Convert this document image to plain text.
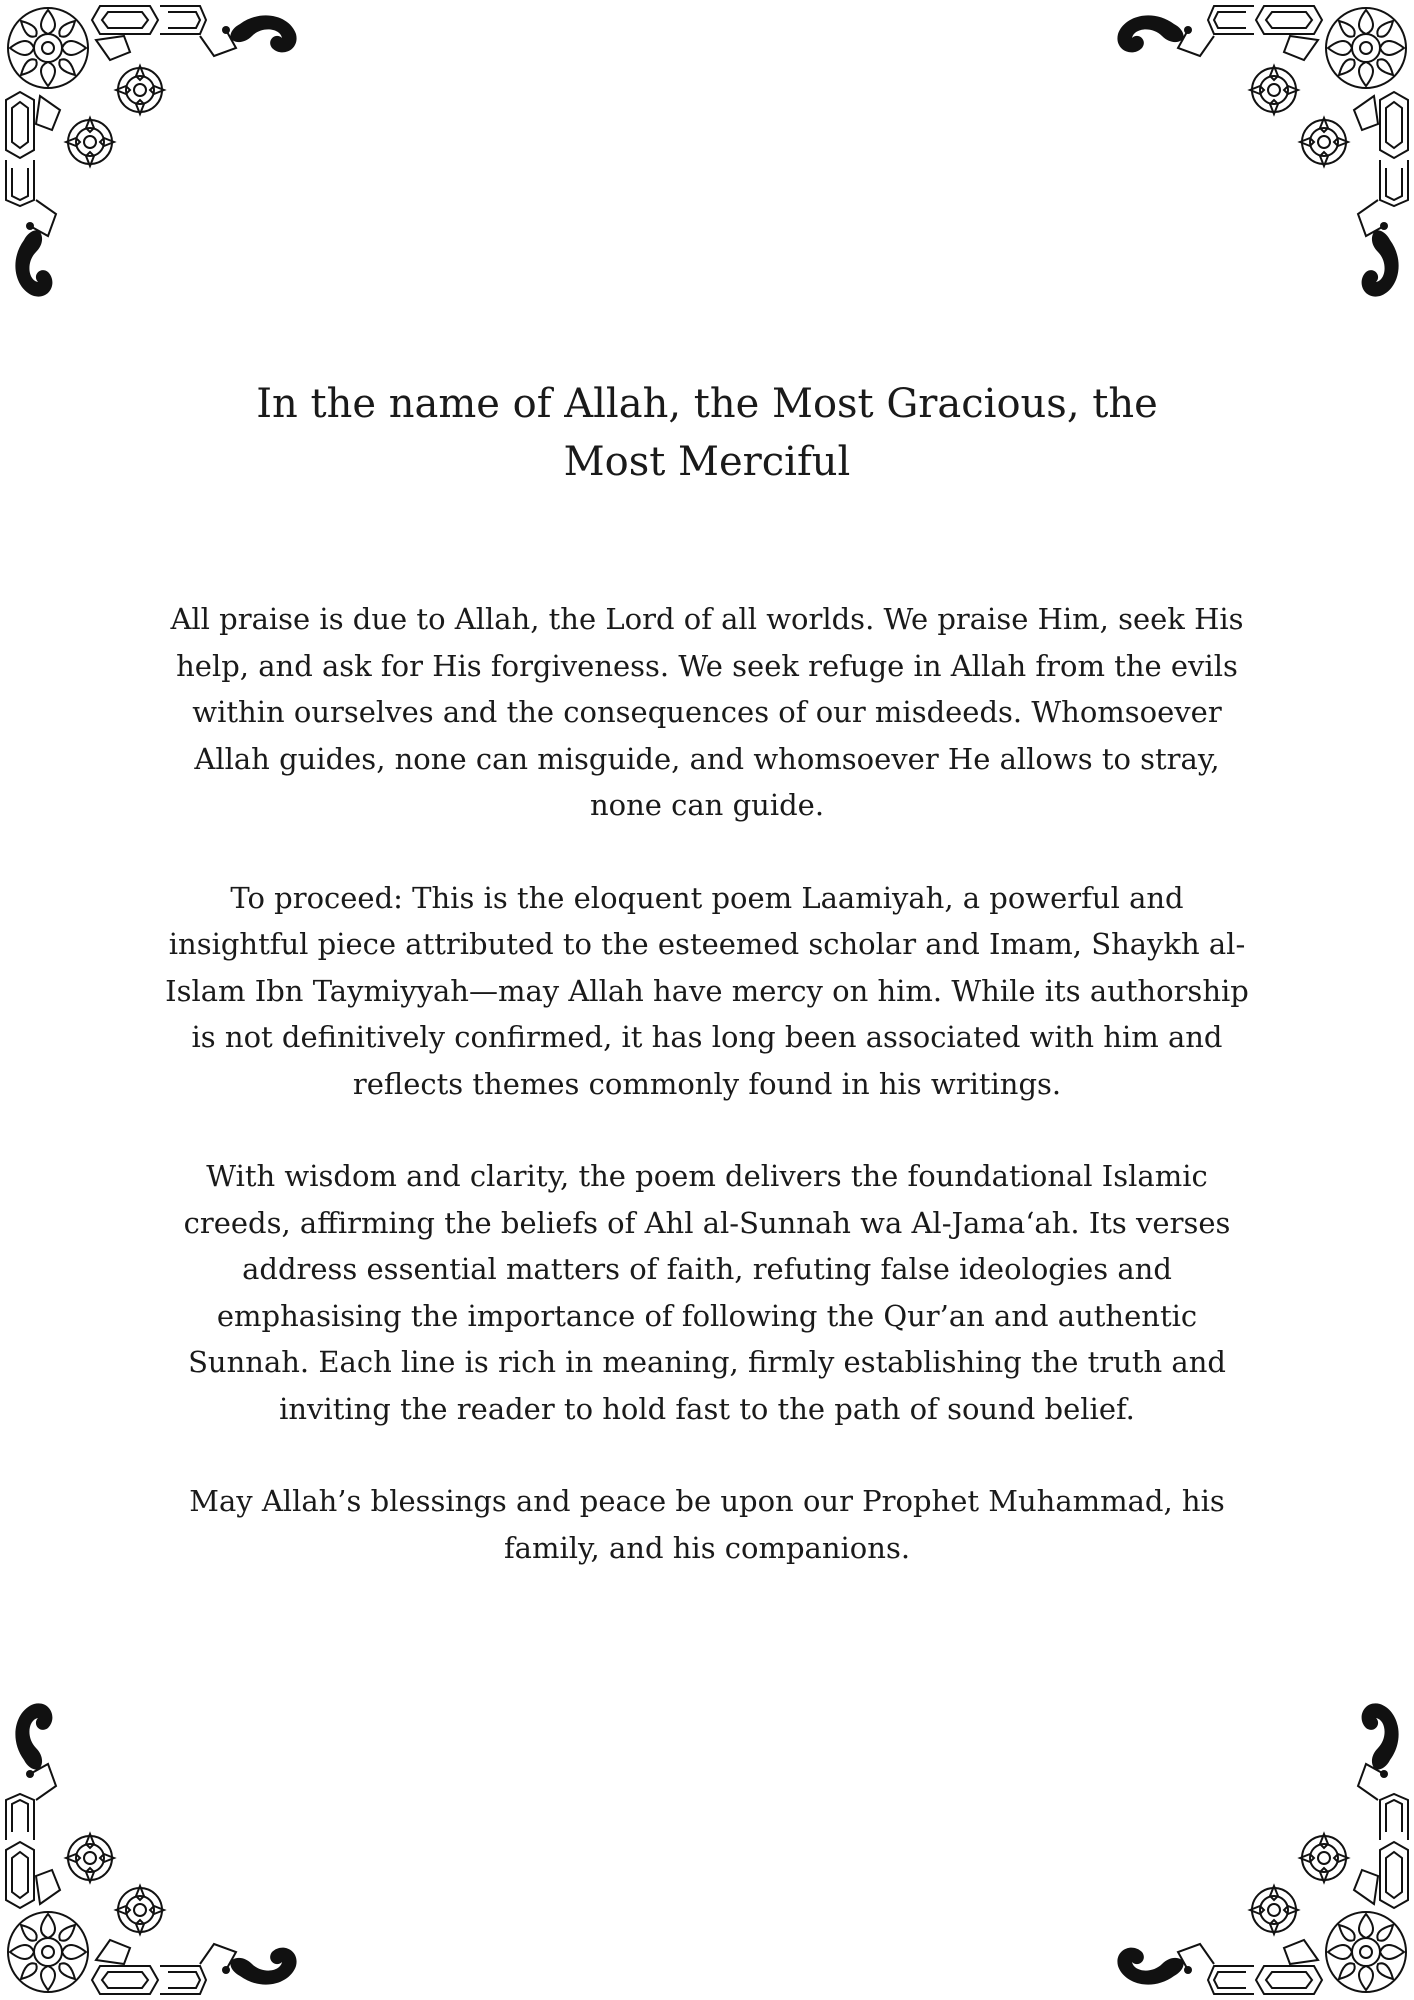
In the name of Allah, the Most Gracious, the Most Merciful

All praise is due to Allah, the Lord of all worlds. We praise Him, seek His help, and ask for His forgiveness. We seek refuge in Allah from the evils within ourselves and the consequences of our misdeeds. Whomsoever Allah guides, none can misguide, and whomsoever He allows to stray, none can guide.

To proceed: This is the eloquent poem Laamiyah, a powerful and insightful piece attributed to the esteemed scholar and Imam, Shaykh al-Islam Ibn Taymiyyah—may Allah have mercy on him. While its authorship is not definitively confirmed, it has long been associated with him and reflects themes commonly found in his writings.

With wisdom and clarity, the poem delivers the foundational Islamic creeds, affirming the beliefs of Ahl al-Sunnah wa Al-Jama‘ah. Its verses address essential matters of faith, refuting false ideologies and emphasising the importance of following the Qur’an and authentic Sunnah. Each line is rich in meaning, firmly establishing the truth and inviting the reader to hold fast to the path of sound belief.

May Allah’s blessings and peace be upon our Prophet Muhammad, his family, and his companions.
